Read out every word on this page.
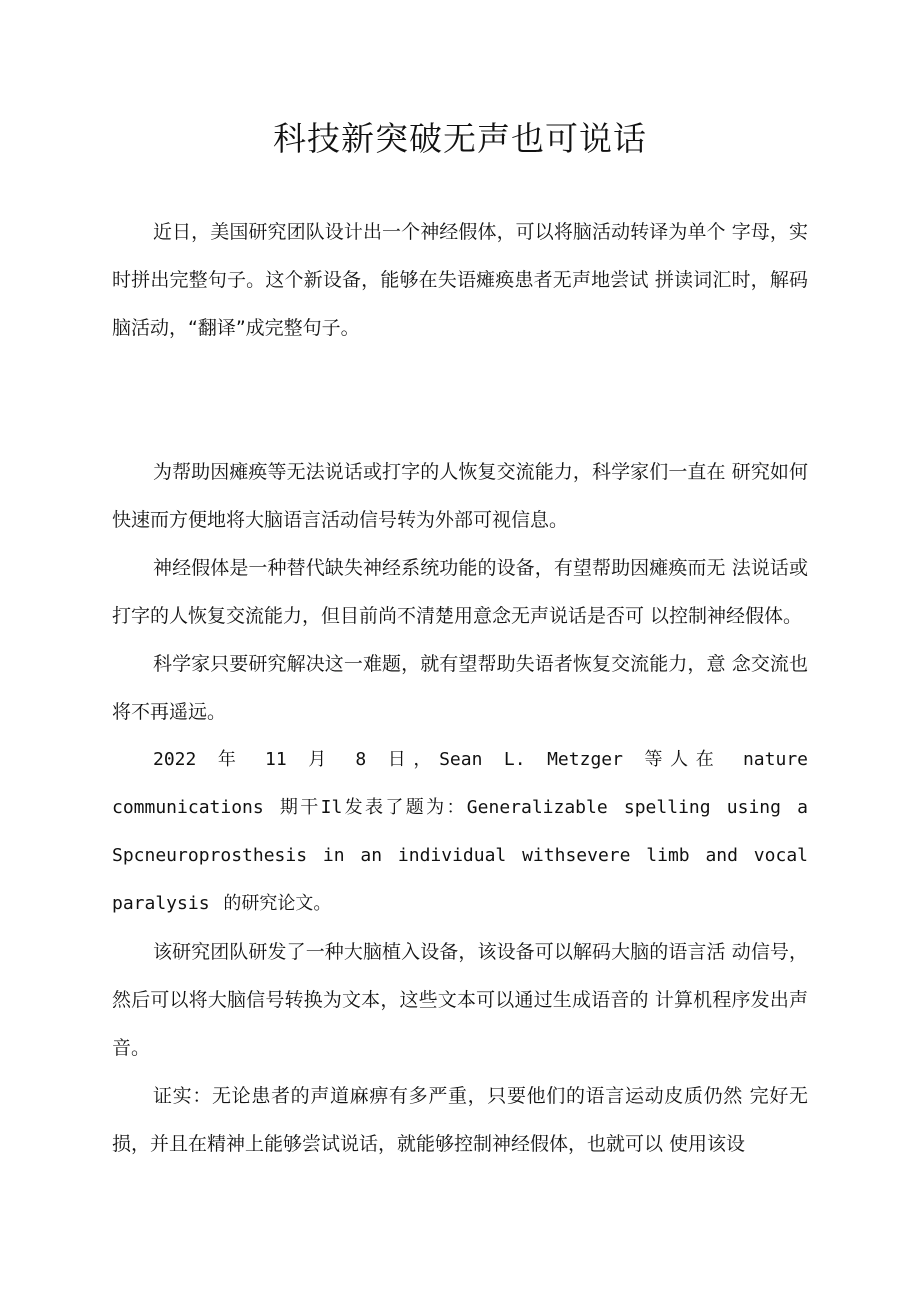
科技新突破无声也可说话

近日，美国研究团队设计出一个神经假体，可以将脑活动转译为单个 字母，实时拼出完整句子。这个新设备，能够在失语瘫痪患者无声地尝试 拼读词汇时，解码脑活动，“翻译”成完整句子。

为帮助因瘫痪等无法说话或打字的人恢复交流能力，科学家们一直在 研究如何快速而方便地将大脑语言活动信号转为外部可视信息。

神经假体是一种替代缺失神经系统功能的设备，有望帮助因瘫痪而无 法说话或打字的人恢复交流能力，但目前尚不清楚用意念无声说话是否可 以控制神经假体。

科学家只要研究解决这一难题，就有望帮助失语者恢复交流能力，意 念交流也将不再遥远。

2022 年 11 月 8 日，Sean L. Metzger 等人在 nature communications 期干Il发表了题为：Generalizable spelling using a Spcneuroprosthesis in an individual withsevere limb and vocal paralysis 的研究论文。

该研究团队研发了一种大脑植入设备，该设备可以解码大脑的语言活 动信号，然后可以将大脑信号转换为文本，这些文本可以通过生成语音的 计算机程序发出声音。

证实：无论患者的声道麻痹有多严重，只要他们的语言运动皮质仍然 完好无损，并且在精神上能够尝试说话，就能够控制神经假体，也就可以 使用该设
